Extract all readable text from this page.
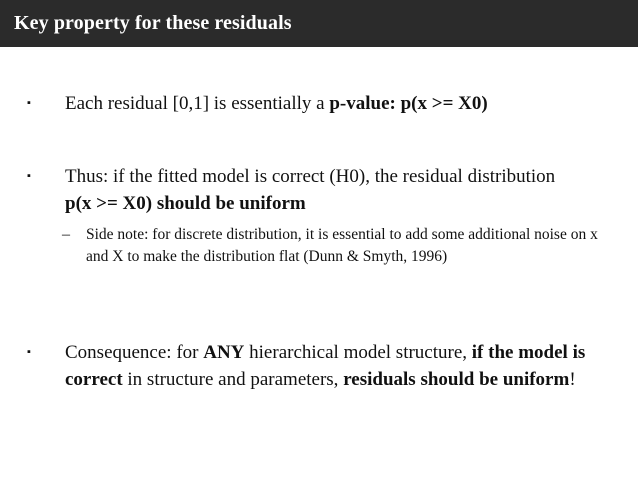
Key property for these residuals
▪	Each residual [0,1] is essentially a p-value: p(x >= X0)
▪	Thus: if the fitted model is correct (H0), the residual distribution p(x >= X0) should be uniform
–	Side note: for discrete distribution, it is essential to add some additional noise on x and X to make the distribution flat (Dunn & Smyth, 1996)
▪	Consequence: for ANY hierarchical model structure, if the model is correct in structure and parameters, residuals should be uniform!
